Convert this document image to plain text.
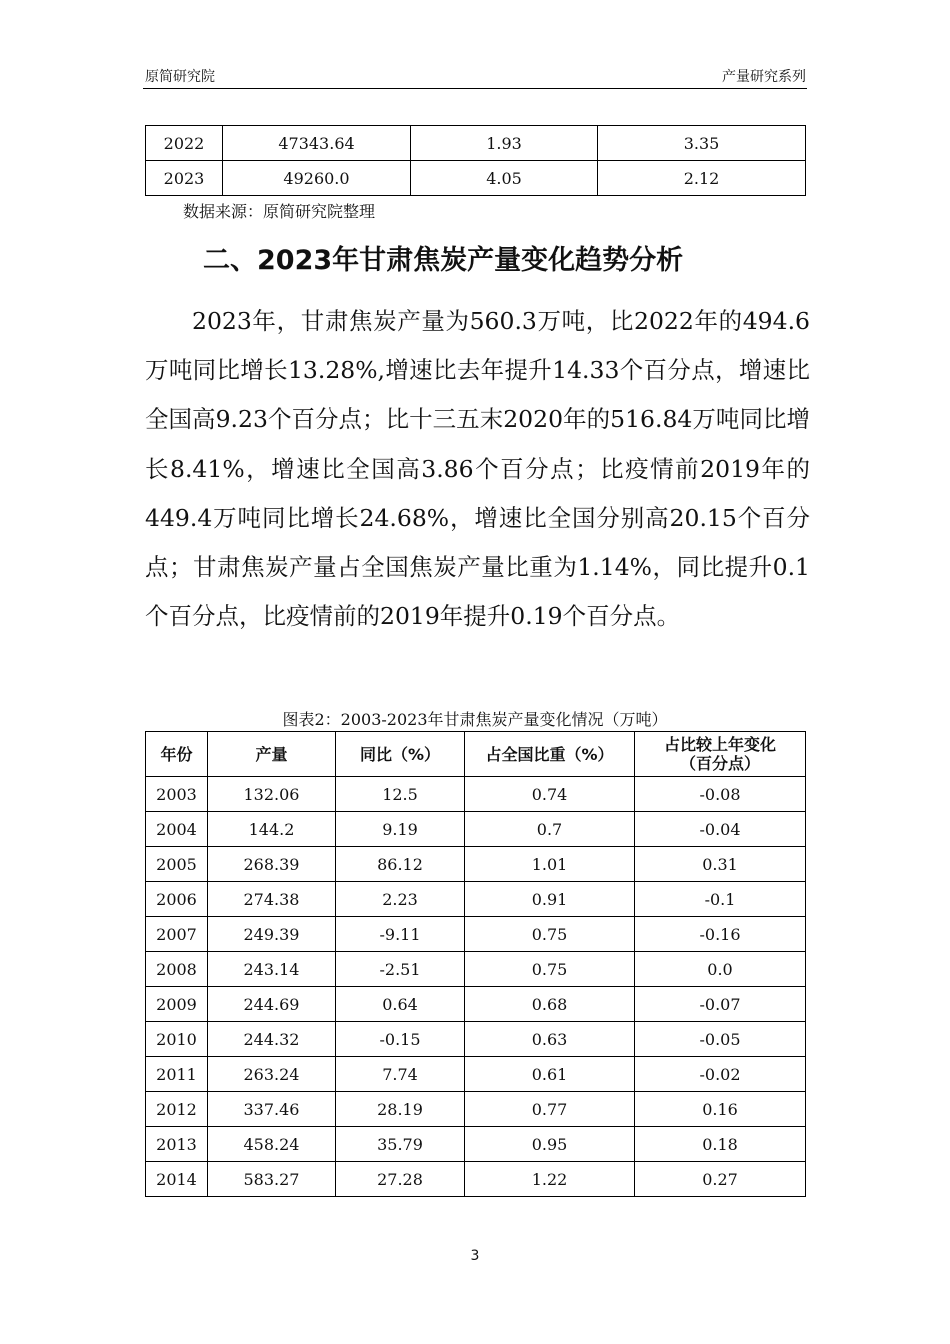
原简研究院	产量研究系列
2022	47343.64	1.93	3.35
2023	49260.0	4.05	2.12
数据来源：原简研究院整理
二、2023年甘肃焦炭产量变化趋势分析

2023年，甘肃焦炭产量为560.3万吨，比2022年的494.6万吨同比增长13.28%,增速比去年提升14.33个百分点，增速比全国高9.23个百分点；比十三五末2020年的516.84万吨同比增长8.41%，增速比全国高3.86个百分点；比疫情前2019年的449.4万吨同比增长24.68%，增速比全国分别高20.15个百分点；甘肃焦炭产量占全国焦炭产量比重为1.14%，同比提升0.1个百分点，比疫情前的2019年提升0.19个百分点。

图表2：2003-2023年甘肃焦炭产量变化情况（万吨）
年份	产量	同比（%）	占全国比重（%）	占比较上年变化（百分点）
2003	132.06	12.5	0.74	-0.08
2004	144.2	9.19	0.7	-0.04
2005	268.39	86.12	1.01	0.31
2006	274.38	2.23	0.91	-0.1
2007	249.39	-9.11	0.75	-0.16
2008	243.14	-2.51	0.75	0.0
2009	244.69	0.64	0.68	-0.07
2010	244.32	-0.15	0.63	-0.05
2011	263.24	7.74	0.61	-0.02
2012	337.46	28.19	0.77	0.16
2013	458.24	35.79	0.95	0.18
2014	583.27	27.28	1.22	0.27
3
